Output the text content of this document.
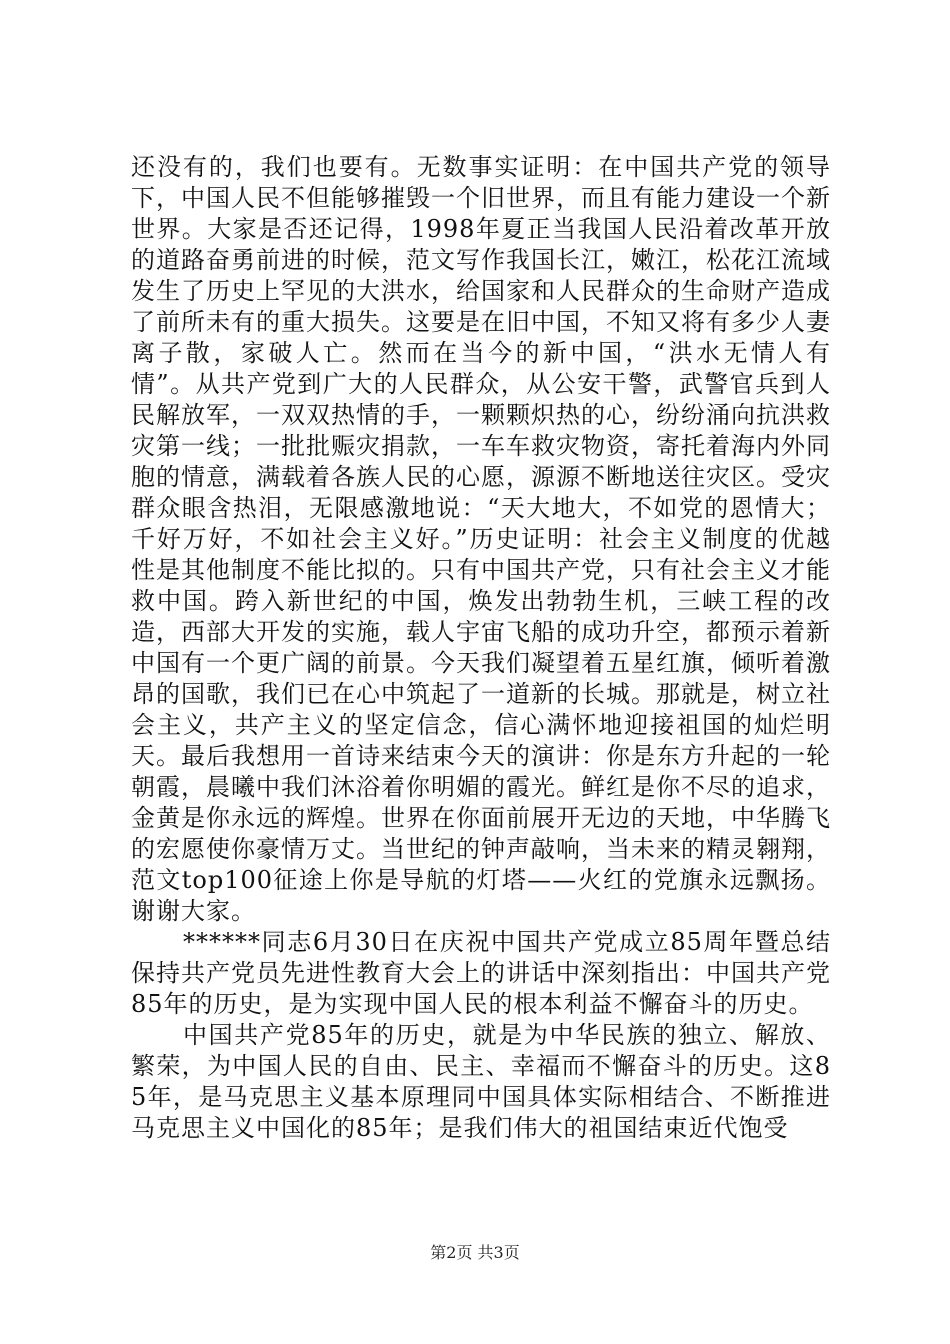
还没有的，我们也要有。无数事实证明：在中国共产党的领导下，中国人民不但能够摧毁一个旧世界，而且有能力建设一个新世界。大家是否还记得，1998年夏正当我国人民沿着改革开放的道路奋勇前进的时候，范文写作我国长江，嫩江，松花江流域发生了历史上罕见的大洪水，给国家和人民群众的生命财产造成了前所未有的重大损失。这要是在旧中国，不知又将有多少人妻离子散，家破人亡。然而在当今的新中国，“洪水无情人有情”。从共产党到广大的人民群众，从公安干警，武警官兵到人民解放军，一双双热情的手，一颗颗炽热的心，纷纷涌向抗洪救灾第一线；一批批赈灾捐款，一车车救灾物资，寄托着海内外同胞的情意，满载着各族人民的心愿，源源不断地送往灾区。受灾群众眼含热泪，无限感激地说：“天大地大，不如党的恩情大；千好万好，不如社会主义好。”历史证明：社会主义制度的优越性是其他制度不能比拟的。只有中国共产党，只有社会主义才能救中国。跨入新世纪的中国，焕发出勃勃生机，三峡工程的改造，西部大开发的实施，载人宇宙飞船的成功升空，都预示着新中国有一个更广阔的前景。今天我们凝望着五星红旗，倾听着激昂的国歌，我们已在心中筑起了一道新的长城。那就是，树立社会主义，共产主义的坚定信念，信心满怀地迎接祖国的灿烂明天。最后我想用一首诗来结束今天的演讲：你是东方升起的一轮朝霞，晨曦中我们沐浴着你明媚的霞光。鲜红是你不尽的追求，金黄是你永远的辉煌。世界在你面前展开无边的天地，中华腾飞的宏愿使你豪情万丈。当世纪的钟声敲响，当未来的精灵翱翔，范文top100征途上你是导航的灯塔——火红的党旗永远飘扬。谢谢大家。

******同志6月30日在庆祝中国共产党成立85周年暨总结保持共产党员先进性教育大会上的讲话中深刻指出：中国共产党85年的历史，是为实现中国人民的根本利益不懈奋斗的历史。

中国共产党85年的历史，就是为中华民族的独立、解放、繁荣，为中国人民的自由、民主、幸福而不懈奋斗的历史。这85年，是马克思主义基本原理同中国具体实际相结合、不断推进马克思主义中国化的85年；是我们伟大的祖国结束近代饱受

第2页 共3页
